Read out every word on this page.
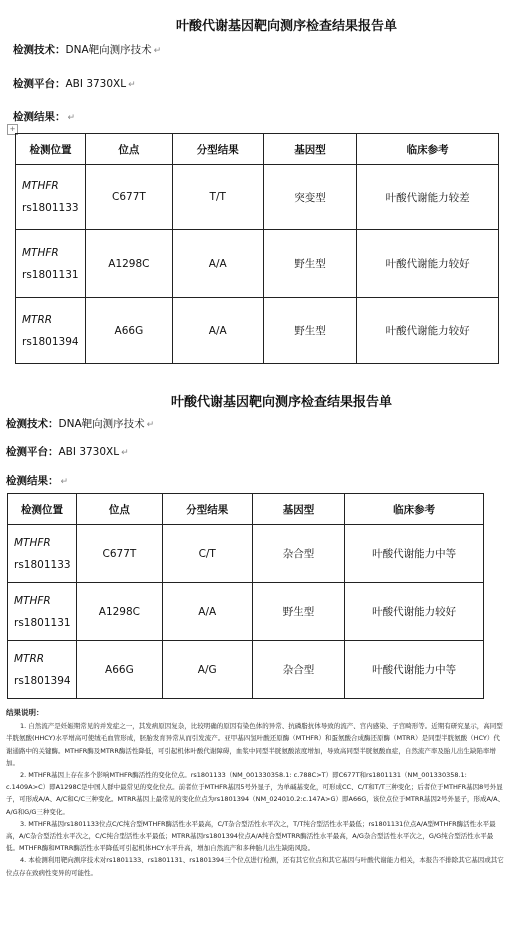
叶酸代谢基因靶向测序检查结果报告单
检测技术：DNA靶向测序技术 ↵
检测平台：ABI 3730XL ↵
检测结果： ↵
+
检测位置	位点	分型结果	基因型	临床参考

MTHFR
rs1801133	C677T	T/T	突变型	叶酸代谢能力较差

MTHFR
rs1801131	A1298C	A/A	野生型	叶酸代谢能力较好

MTRR
rs1801394	A66G	A/A	野生型	叶酸代谢能力较好
叶酸代谢基因靶向测序检查结果报告单
检测技术：DNA靶向测序技术 ↵
检测平台：ABI 3730XL ↵
检测结果： ↵
检测位置	位点	分型结果	基因型	临床参考

MTHFR
rs1801133	C677T	C/T	杂合型	叶酸代谢能力中等

MTHFR
rs1801131	A1298C	A/A	野生型	叶酸代谢能力较好

MTRR
rs1801394	A66G	A/G	杂合型	叶酸代谢能力中等
结果说明：

1. 自然流产是妊娠期常见的并发症之一，其发病原因复杂，比较明确的原因有染色体的异常、抗磷脂抗体导致的流产、宫内感染、子宫畸形等。近期有研究显示，高同型半胱氨酸(HHCY)水平增高可使绒毛血管形成，胚胎发育异常从而引发流产。亚甲基四氢叶酸还原酶（MTHFR）和蛋氨酸合成酶还原酶（MTRR）是同型半胱氨酸（HCY）代谢通路中的关键酶。MTHFR酶及MTRR酶活性降低，可引起机体叶酸代谢障碍，血浆中同型半胱氨酸浓度增加，导致高同型半胱氨酸血症，自然流产率及胎儿出生缺陷率增加。

2. MTHFR基因上存在多个影响MTHFR酶活性的变化位点。rs1801133（NM_001330358.1: c.788C>T）即C677T和rs1801131（NM_001330358.1: c.1409A>C）即A1298C是中国人群中最常见的变化位点。前者位于MTHFR基因5号外显子，为单碱基变化，可形成CC、C/T和T/T三种变化；后者位于MTHFR基因8号外显子，可形成A/A、A/C和C/C三种变化。MTRR基因上最常见的变化位点为rs1801394（NM_024010.2:c.147A>G）即A66G，该位点位于MTRR基因2号外显子，形成A/A、A/G和G/G三种变化。

3. MTHFR基因rs1801133位点C/C纯合型MTHFR酶活性水平最高，C/T杂合型活性水平次之，T/T纯合型活性水平最低；rs1801131位点A/A型MTHFR酶活性水平最高，A/C杂合型活性水平次之，C/C纯合型活性水平最低；MTRR基因rs1801394位点A/A纯合型MTRR酶活性水平最高，A/G杂合型活性水平次之，G/G纯合型活性水平最低。MTHFR酶和MTRR酶活性水平降低可引起机体HCY水平升高，增加自然流产和多种胎儿出生缺陷风险。

4. 本检测利用靶向测序技术对rs1801133、rs1801131、rs1801394三个位点进行检测，还有其它位点和其它基因与叶酸代谢能力相关，本报告不排除其它基因或其它位点存在致病性变异的可能性。
